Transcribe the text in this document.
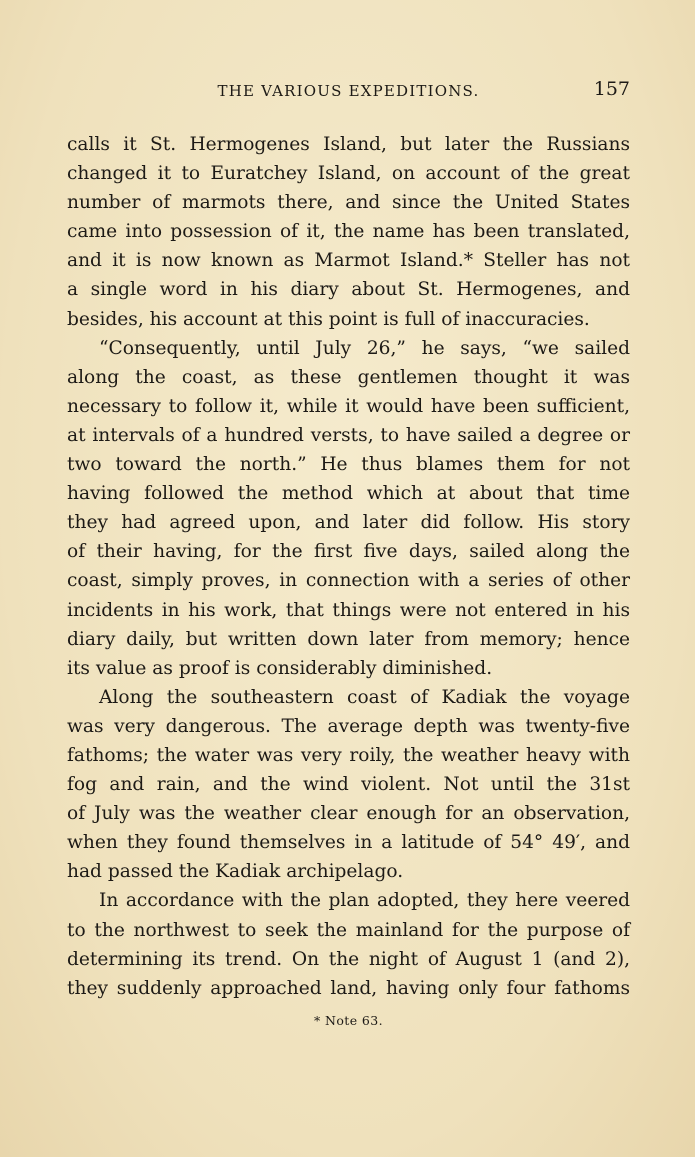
THE VARIOUS EXPEDITIONS.	157

calls it St. Hermogenes Island, but later the Russians
changed it to Euratchey Island, on account of the great
number of marmots there, and since the United States
came into possession of it, the name has been translated,
and it is now known as Marmot Island.* Steller has not
a single word in his diary about St. Hermogenes, and
besides, his account at this point is full of inaccuracies.

“Consequently, until July 26,” he says, “we sailed
along the coast, as these gentlemen thought it was
necessary to follow it, while it would have been sufficient,
at intervals of a hundred versts, to have sailed a degree or
two toward the north.” He thus blames them for not
having followed the method which at about that time
they had agreed upon, and later did follow. His story
of their having, for the first five days, sailed along the
coast, simply proves, in connection with a series of other
incidents in his work, that things were not entered in his
diary daily, but written down later from memory; hence
its value as proof is considerably diminished.

Along the southeastern coast of Kadiak the voyage
was very dangerous. The average depth was twenty-five
fathoms; the water was very roily, the weather heavy with
fog and rain, and the wind violent. Not until the 31st
of July was the weather clear enough for an observation,
when they found themselves in a latitude of 54° 49′, and
had passed the Kadiak archipelago.

In accordance with the plan adopted, they here veered
to the northwest to seek the mainland for the purpose of
determining its trend. On the night of August 1 (and 2),
they suddenly approached land, having only four fathoms

* Note 63.
